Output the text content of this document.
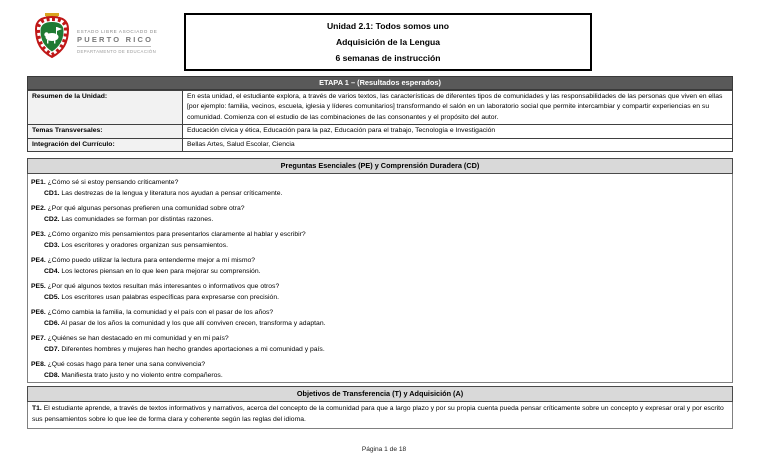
ESTADO LIBRE ASOCIADO DE
PUERTO RICO
DEPARTAMENTO DE EDUCACIÓN
Unidad 2.1: Todos somos uno
Adquisición de la Lengua
6 semanas de instrucción
ETAPA 1 – (Resultados esperados)
Resumen de la Unidad:	En esta unidad, el estudiante explora, a través de varios textos, las características de diferentes tipos de comunidades y las responsabilidades de las personas que viven en ellas [por ejemplo: familia, vecinos, escuela, iglesia y líderes comunitarios] transformando el salón en un laboratorio social que permite intercambiar y compartir experiencias en su comunidad. Comienza con el estudio de las combinaciones de las consonantes y el propósito del autor.
Temas Transversales:	Educación cívica y ética, Educación para la paz, Educación para el trabajo, Tecnología e Investigación
Integración del Currículo:	Bellas Artes, Salud Escolar, Ciencia
Preguntas Esenciales (PE) y Comprensión Duradera (CD)
PE1. ¿Cómo sé si estoy pensando críticamente?
CD1. Las destrezas de la lengua y literatura nos ayudan a pensar críticamente.
PE2. ¿Por qué algunas personas prefieren una comunidad sobre otra?
CD2. Las comunidades se forman por distintas razones.
PE3. ¿Cómo organizo mis pensamientos para presentarlos claramente al hablar y escribir?
CD3. Los escritores y oradores organizan sus pensamientos.
PE4. ¿Cómo puedo utilizar la lectura para entenderme mejor a mí mismo?
CD4. Los lectores piensan en lo que leen para mejorar su comprensión.
PE5. ¿Por qué algunos textos resultan más interesantes o informativos que otros?
CD5. Los escritores usan palabras específicas para expresarse con precisión.
PE6. ¿Cómo cambia la familia, la comunidad y el país con el pasar de los años?
CD6. Al pasar de los años la comunidad y los que allí conviven crecen, transforma y adaptan.
PE7. ¿Quiénes se han destacado en mi comunidad y en mi país?
CD7. Diferentes hombres y mujeres han hecho grandes aportaciones a mi comunidad y país.
PE8. ¿Qué cosas hago para tener una sana convivencia?
CD8. Manifiesta trato justo y no violento entre compañeros.
Objetivos de Transferencia (T) y Adquisición (A)
T1. El estudiante aprende, a través de textos informativos y narrativos, acerca del concepto de la comunidad para que a largo plazo y por su propia cuenta pueda pensar críticamente sobre un concepto y expresar oral y por escrito sus pensamientos sobre lo que lee de forma clara y coherente según las reglas del idioma.
Página 1 de 18
